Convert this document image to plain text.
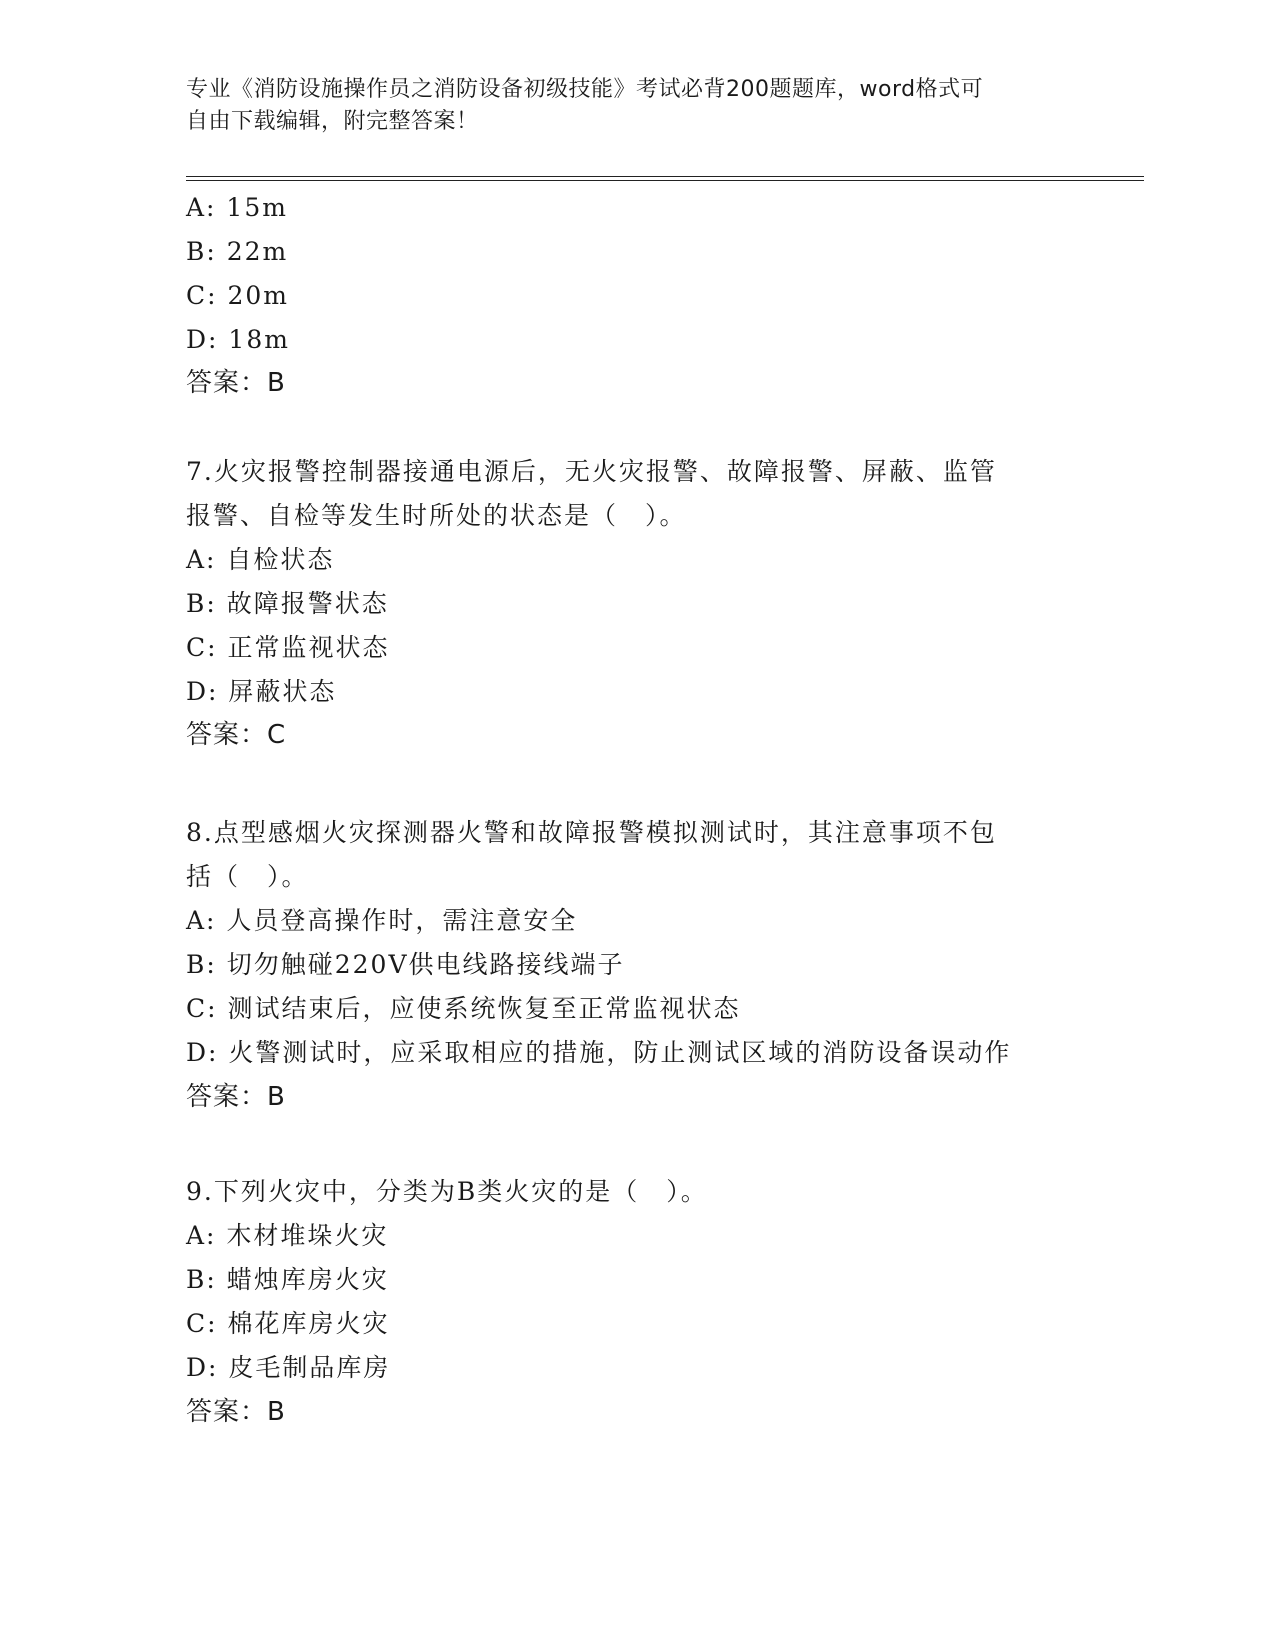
专业《消防设施操作员之消防设备初级技能》考试必背200题题库，word格式可
自由下载编辑，附完整答案！
A: 15m
B: 22m
C: 20m
D: 18m
答案：B
7.火灾报警控制器接通电源后，无火灾报警、故障报警、屏蔽、监管
报警、自检等发生时所处的状态是（　）。
A: 自检状态
B: 故障报警状态
C: 正常监视状态
D: 屏蔽状态
答案：C
8.点型感烟火灾探测器火警和故障报警模拟测试时，其注意事项不包
括（　）。
A: 人员登高操作时，需注意安全
B: 切勿触碰220V供电线路接线端子
C: 测试结束后，应使系统恢复至正常监视状态
D: 火警测试时，应采取相应的措施，防止测试区域的消防设备误动作
答案：B
9.下列火灾中，分类为B类火灾的是（　）。
A: 木材堆垛火灾
B: 蜡烛库房火灾
C: 棉花库房火灾
D: 皮毛制品库房
答案：B
